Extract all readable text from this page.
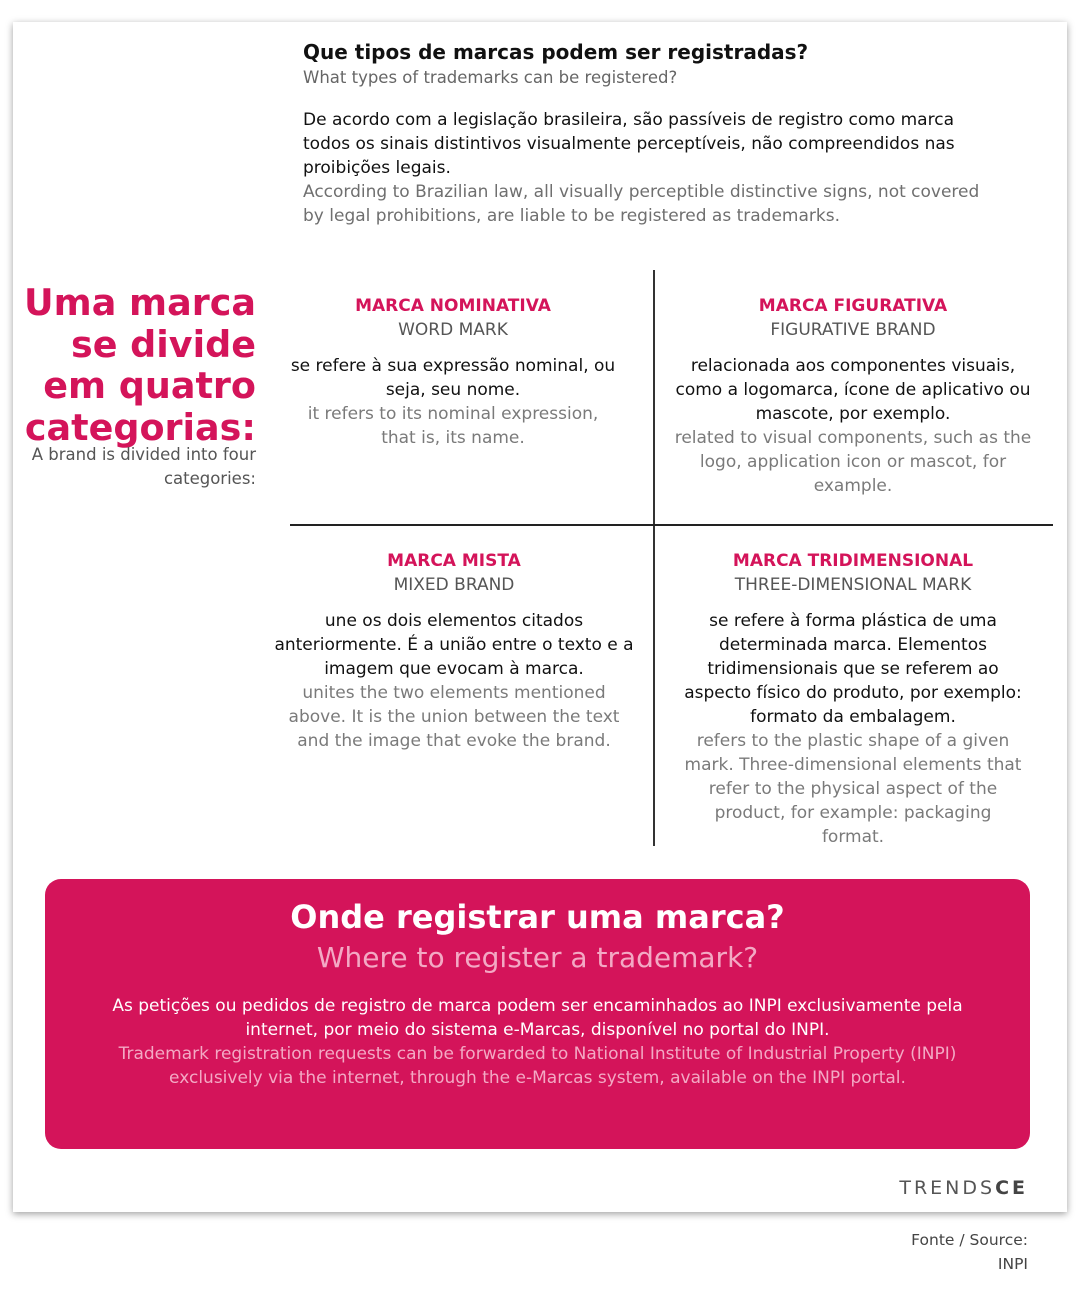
Que tipos de marcas podem ser registradas?
What types of trademarks can be registered?
De acordo com a legislação brasileira, são passíveis de registro como marca todos os sinais distintivos visualmente perceptíveis, não compreendidos nas proibições legais.
According to Brazilian law, all visually perceptible distinctive signs, not covered by legal prohibitions, are liable to be registered as trademarks.
Uma marca se divide em quatro categorias:
A brand is divided into four categories:
MARCA NOMINATIVA
WORD MARK
se refere à sua expressão nominal, ou seja, seu nome.
it refers to its nominal expression, that is, its name.
MARCA FIGURATIVA
FIGURATIVE BRAND
relacionada aos componentes visuais, como a logomarca, ícone de aplicativo ou mascote, por exemplo.
related to visual components, such as the logo, application icon or mascot, for example.
MARCA MISTA
MIXED BRAND
une os dois elementos citados anteriormente. É a união entre o texto e a imagem que evocam à marca.
unites the two elements mentioned above. It is the union between the text and the image that evoke the brand.
MARCA TRIDIMENSIONAL
THREE-DIMENSIONAL MARK
se refere à forma plástica de uma determinada marca. Elementos tridimensionais que se referem ao aspecto físico do produto, por exemplo: formato da embalagem.
refers to the plastic shape of a given mark. Three-dimensional elements that refer to the physical aspect of the product, for example: packaging format.
Onde registrar uma marca?
Where to register a trademark?
As petições ou pedidos de registro de marca podem ser encaminhados ao INPI exclusivamente pela internet, por meio do sistema e-Marcas, disponível no portal do INPI.
Trademark registration requests can be forwarded to National Institute of Industrial Property (INPI) exclusively via the internet, through the e-Marcas system, available on the INPI portal.
TRENDSCE
Fonte / Source:
INPI
